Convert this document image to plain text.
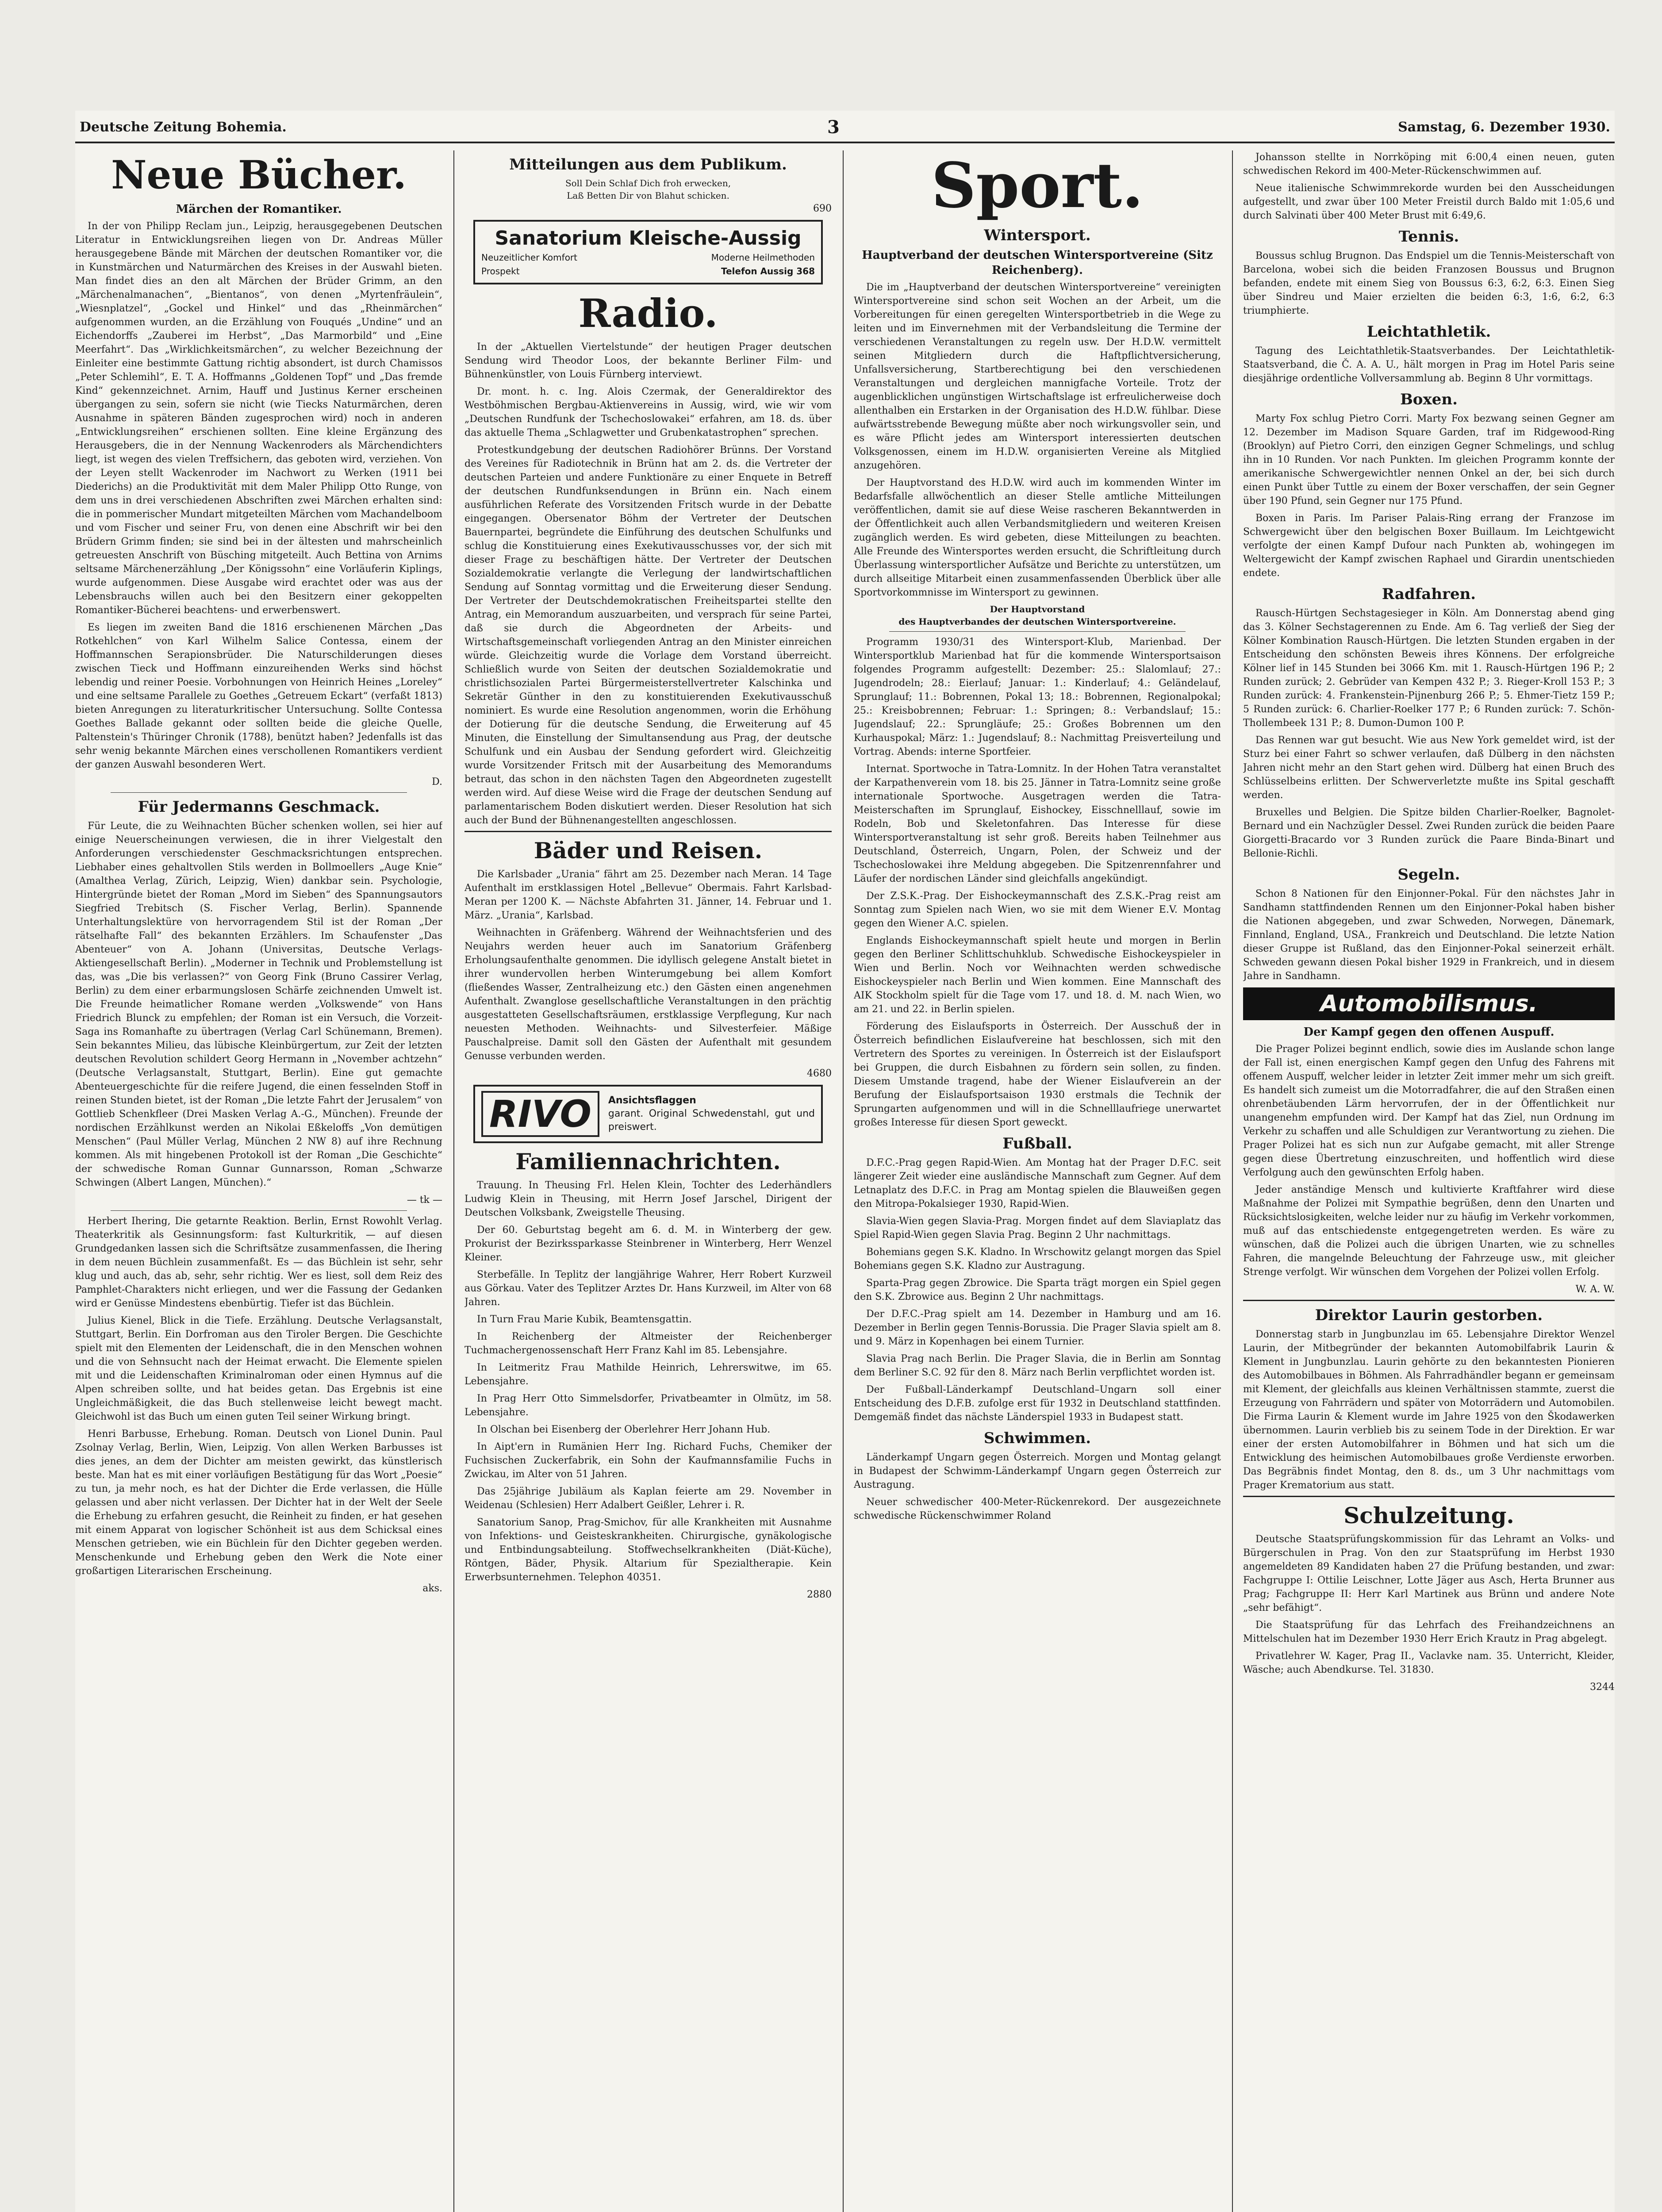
Deutsche Zeitung Bohemia.	3	Samstag, 6. Dezember 1930.
Neue Bücher.
Märchen der Romantiker.

In der von Philipp Reclam jun., Leipzig, herausgegebenen Deutschen Literatur in Entwicklungsreihen liegen von Dr. Andreas Müller herausgegebene Bände mit Märchen der deutschen Romantiker vor, die in Kunstmärchen und Naturmärchen des Kreises in der Auswahl bieten. Man findet dies an den alt Märchen der Brüder Grimm, an den „Märchenalmanachen“, „Bientanos“, von denen „Myrtenfräulein“, „Wiesnplatzel“, „Gockel und Hinkel“ und das „Rheinmärchen“ aufgenommen wurden, an die Erzählung von Fouqués „Undine“ und an Eichendorffs „Zauberei im Herbst“, „Das Marmorbild“ und „Eine Meerfahrt“. Das „Wirklichkeitsmärchen“, zu welcher Bezeichnung der Einleiter eine bestimmte Gattung richtig absondert, ist durch Chamissos „Peter Schlemihl“, E. T. A. Hoffmanns „Goldenen Topf“ und „Das fremde Kind“ gekennzeichnet. Arnim, Hauff und Justinus Kerner erscheinen übergangen zu sein, sofern sie nicht (wie Tiecks Naturmärchen, deren Ausnahme in späteren Bänden zugesprochen wird) noch in anderen „Entwicklungsreihen“ erschienen sollten. Eine kleine Ergänzung des Herausgebers, die in der Nennung Wackenroders als Märchendichters liegt, ist wegen des vielen Treffsichern, das geboten wird, verziehen. Von der Leyen stellt Wackenroder im Nachwort zu Werken (1911 bei Diederichs) an die Produktivität mit dem Maler Philipp Otto Runge, von dem uns in drei verschiedenen Abschriften zwei Märchen erhalten sind: die in pommerischer Mundart mitgeteilten Märchen vom Machandelboom und vom Fischer und seiner Fru, von denen eine Abschrift wir bei den Brüdern Grimm finden; sie sind bei in der ältesten und mahrscheinlich getreuesten Anschrift von Büsching mitgeteilt. Auch Bettina von Arnims seltsame Märchenerzählung „Der Königssohn“ eine Vorläuferin Kiplings, wurde aufgenommen. Diese Ausgabe wird erachtet oder was aus der Lebensbrauchs willen auch bei den Besitzern einer gekoppelten Romantiker-Bücherei beachtens- und erwerbenswert.

Es liegen im zweiten Band die 1816 erschienenen Märchen „Das Rotkehlchen“ von Karl Wilhelm Salice Contessa, einem der Hoffmannschen Serapionsbrüder. Die Naturschilderungen dieses zwischen Tieck und Hoffmann einzureihenden Werks sind höchst lebendig und reiner Poesie. Vorbohnungen von Heinrich Heines „Loreley“ und eine seltsame Parallele zu Goethes „Getreuem Eckart“ (verfaßt 1813) bieten Anregungen zu literaturkritischer Untersuchung. Sollte Contessa Goethes Ballade gekannt oder sollten beide die gleiche Quelle, Paltenstein's Thüringer Chronik (1788), benützt haben? Jedenfalls ist das sehr wenig bekannte Märchen eines verschollenen Romantikers verdient der ganzen Auswahl besonderen Wert.

D.
Für Jedermanns Geschmack.

Für Leute, die zu Weihnachten Bücher schenken wollen, sei hier auf einige Neuerscheinungen verwiesen, die in ihrer Vielgestalt den Anforderungen verschiedenster Geschmacksrichtungen entsprechen. Liebhaber eines gehaltvollen Stils werden in Bollmoellers „Auge Knie“ (Amalthea Verlag, Zürich, Leipzig, Wien) dankbar sein. Psychologie, Hintergründe bietet der Roman „Mord im Sieben“ des Spannungsautors Siegfried Trebitsch (S. Fischer Verlag, Berlin). Spannende Unterhaltungslektüre von hervorragendem Stil ist der Roman „Der rätselhafte Fall“ des bekannten Erzählers. Im Schaufenster „Das Abenteuer“ von A. Johann (Universitas, Deutsche Verlags-Aktiengesellschaft Berlin). „Moderner in Technik und Problemstellung ist das, was „Die bis verlassen?“ von Georg Fink (Bruno Cassirer Verlag, Berlin) zu dem einer erbarmungslosen Schärfe zeichnenden Umwelt ist. Die Freunde heimatlicher Romane werden „Volkswende“ von Hans Friedrich Blunck zu empfehlen; der Roman ist ein Versuch, die Vorzeit-Saga ins Romanhafte zu übertragen (Verlag Carl Schünemann, Bremen). Sein bekanntes Milieu, das lübische Kleinbürgertum, zur Zeit der letzten deutschen Revolution schildert Georg Hermann in „November achtzehn“ (Deutsche Verlagsanstalt, Stuttgart, Berlin). Eine gut gemachte Abenteuergeschichte für die reifere Jugend, die einen fesselnden Stoff in reinen Stunden bietet, ist der Roman „Die letzte Fahrt der Jerusalem“ von Gottlieb Schenkfleer (Drei Masken Verlag A.-G., München). Freunde der nordischen Erzählkunst werden an Nikolai Eßkeloffs „Von demütigen Menschen“ (Paul Müller Verlag, München 2 NW 8) auf ihre Rechnung kommen. Als mit hingebenen Protokoll ist der Roman „Die Geschichte“ der schwedische Roman Gunnar Gunnarsson, Roman „Schwarze Schwingen (Albert Langen, München).“

— tk —

Herbert Ihering, Die getarnte Reaktion. Berlin, Ernst Rowohlt Verlag. Theaterkritik als Gesinnungsform: fast Kulturkritik, — auf diesen Grundgedanken lassen sich die Schriftsätze zusammenfassen, die Ihering in dem neuen Büchlein zusammenfaßt. Es — das Büchlein ist sehr, sehr klug und auch, das ab, sehr, sehr richtig. Wer es liest, soll dem Reiz des Pamphlet-Charakters nicht erliegen, und wer die Fassung der Gedanken wird er Genüsse Mindestens ebenbürtig. Tiefer ist das Büchlein.

Julius Kienel, Blick in die Tiefe. Erzählung. Deutsche Verlagsanstalt, Stuttgart, Berlin. Ein Dorfroman aus den Tiroler Bergen. Die Geschichte spielt mit den Elementen der Leidenschaft, die in den Menschen wohnen und die von Sehnsucht nach der Heimat erwacht. Die Elemente spielen mit und die Leidenschaften Kriminalroman oder einen Hymnus auf die Alpen schreiben sollte, und hat beides getan. Das Ergebnis ist eine Ungleichmäßigkeit, die das Buch stellenweise leicht bewegt macht. Gleichwohl ist das Buch um einen guten Teil seiner Wirkung bringt.

Henri Barbusse, Erhebung. Roman. Deutsch von Lionel Dunin. Paul Zsolnay Verlag, Berlin, Wien, Leipzig. Von allen Werken Barbusses ist dies jenes, an dem der Dichter am meisten gewirkt, das künstlerisch beste. Man hat es mit einer vorläufigen Bestätigung für das Wort „Poesie“ zu tun, ja mehr noch, es hat der Dichter die Erde verlassen, die Hülle gelassen und aber nicht verlassen. Der Dichter hat in der Welt der Seele die Erhebung zu erfahren gesucht, die Reinheit zu finden, er hat gesehen mit einem Apparat von logischer Schönheit ist aus dem Schicksal eines Menschen getrieben, wie ein Büchlein für den Dichter gegeben werden. Menschenkunde und Erhebung geben den Werk die Note einer großartigen Literarischen Erscheinung.

aks.
Mitteilungen aus dem Publikum.
Soll Dein Schlaf Dich froh erwecken,
Laß Betten Dir von Blahut schicken.
690
Sanatorium Kleische-Aussig
Neuzeitlicher Komfort	Moderne Heilmethoden
Prospekt	Telefon Aussig 368
Radio.

In der „Aktuellen Viertelstunde“ der heutigen Prager deutschen Sendung wird Theodor Loos, der bekannte Berliner Film- und Bühnenkünstler, von Louis Fürnberg interviewt.

Dr. mont. h. c. Ing. Alois Czermak, der Generaldirektor des Westböhmischen Bergbau-Aktienvereins in Aussig, wird, wie wir vom „Deutschen Rundfunk der Tschechoslowakei“ erfahren, am 18. ds. über das aktuelle Thema „Schlagwetter und Grubenkatastrophen“ sprechen.

Protestkundgebung der deutschen Radiohörer Brünns. Der Vorstand des Vereines für Radiotechnik in Brünn hat am 2. ds. die Vertreter der deutschen Parteien und andere Funktionäre zu einer Enquete in Betreff der deutschen Rundfunksendungen in Brünn ein. Nach einem ausführlichen Referate des Vorsitzenden Fritsch wurde in der Debatte eingegangen. Obersenator Böhm der Vertreter der Deutschen Bauernpartei, begründete die Einführung des deutschen Schulfunks und schlug die Konstituierung eines Exekutivausschusses vor, der sich mit dieser Frage zu beschäftigen hätte. Der Vertreter der Deutschen Sozialdemokratie verlangte die Verlegung der landwirtschaftlichen Sendung auf Sonntag vormittag und die Erweiterung dieser Sendung. Der Vertreter der Deutschdemokratischen Freiheitspartei stellte den Antrag, ein Memorandum auszuarbeiten, und versprach für seine Partei, daß sie durch die Abgeordneten der Arbeits- und Wirtschaftsgemeinschaft vorliegenden Antrag an den Minister einreichen würde. Gleichzeitig wurde die Vorlage dem Vorstand überreicht. Schließlich wurde von Seiten der deutschen Sozialdemokratie und christlichsozialen Partei Bürgermeisterstellvertreter Kalschinka und Sekretär Günther in den zu konstituierenden Exekutivausschuß nominiert. Es wurde eine Resolution angenommen, worin die Erhöhung der Dotierung für die deutsche Sendung, die Erweiterung auf 45 Minuten, die Einstellung der Simultansendung aus Prag, der deutsche Schulfunk und ein Ausbau der Sendung gefordert wird. Gleichzeitig wurde Vorsitzender Fritsch mit der Ausarbeitung des Memorandums betraut, das schon in den nächsten Tagen den Abgeordneten zugestellt werden wird. Auf diese Weise wird die Frage der deutschen Sendung auf parlamentarischem Boden diskutiert werden. Dieser Resolution hat sich auch der Bund der Bühnenangestellten angeschlossen.

Bäder und Reisen.

Die Karlsbader „Urania“ fährt am 25. Dezember nach Meran. 14 Tage Aufenthalt im erstklassigen Hotel „Bellevue“ Obermais. Fahrt Karlsbad-Meran per 1200 K. — Nächste Abfahrten 31. Jänner, 14. Februar und 1. März. „Urania“, Karlsbad.

Weihnachten in Gräfenberg. Während der Weihnachtsferien und des Neujahrs werden heuer auch im Sanatorium Gräfenberg Erholungsaufenthalte genommen. Die idyllisch gelegene Anstalt bietet in ihrer wundervollen herben Winterumgebung bei allem Komfort (fließendes Wasser, Zentralheizung etc.) den Gästen einen angenehmen Aufenthalt. Zwanglose gesellschaftliche Veranstaltungen in den prächtig ausgestatteten Gesellschaftsräumen, erstklassige Verpflegung, Kur nach neuesten Methoden. Weihnachts- und Silvesterfeier. Mäßige Pauschalpreise. Damit soll den Gästen der Aufenthalt mit gesundem Genusse verbunden werden.

4680
RIVO	Ansichtsflaggen
garant. Original Schwedenstahl, gut und preiswert.
Familiennachrichten.

Trauung. In Theusing Frl. Helen Klein, Tochter des Lederhändlers Ludwig Klein in Theusing, mit Herrn Josef Jarschel, Dirigent der Deutschen Volksbank, Zweigstelle Theusing.

Der 60. Geburtstag begeht am 6. d. M. in Winterberg der gew. Prokurist der Bezirkssparkasse Steinbrener in Winterberg, Herr Wenzel Kleiner.

Sterbefälle. In Teplitz der langjährige Wahrer, Herr Robert Kurzweil aus Görkau. Vater des Teplitzer Arztes Dr. Hans Kurzweil, im Alter von 68 Jahren.

In Turn Frau Marie Kubik, Beamtensgattin.

In Reichenberg der Altmeister der Reichenberger Tuchmachergenossenschaft Herr Franz Kahl im 85. Lebensjahre.

In Leitmeritz Frau Mathilde Heinrich, Lehrerswitwe, im 65. Lebensjahre.

In Prag Herr Otto Simmelsdorfer, Privatbeamter in Olmütz, im 58. Lebensjahre.

In Olschan bei Eisenberg der Oberlehrer Herr Johann Hub.

In Aipt'ern in Rumänien Herr Ing. Richard Fuchs, Chemiker der Fuchsischen Zuckerfabrik, ein Sohn der Kaufmannsfamilie Fuchs in Zwickau, im Alter von 51 Jahren.

Das 25jährige Jubiläum als Kaplan feierte am 29. November in Weidenau (Schlesien) Herr Adalbert Geißler, Lehrer i. R.

Sanatorium Sanop, Prag-Smichov, für alle Krankheiten mit Ausnahme von Infektions- und Geisteskrankheiten. Chirurgische, gynäkologische und Entbindungsabteilung. Stoffwechselkrankheiten (Diät-Küche), Röntgen, Bäder, Physik. Altarium für Spezialtherapie. Kein Erwerbsunternehmen. Telephon 40351.

2880
Sport.
Wintersport.
Hauptverband der deutschen Wintersportvereine (Sitz Reichenberg).

Die im „Hauptverband der deutschen Wintersportvereine“ vereinigten Wintersportvereine sind schon seit Wochen an der Arbeit, um die Vorbereitungen für einen geregelten Wintersportbetrieb in die Wege zu leiten und im Einvernehmen mit der Verbandsleitung die Termine der verschiedenen Veranstaltungen zu regeln usw. Der H.D.W. vermittelt seinen Mitgliedern durch die Haftpflichtversicherung, Unfallsversicherung, Startberechtigung bei den verschiedenen Veranstaltungen und dergleichen mannigfache Vorteile. Trotz der augenblicklichen ungünstigen Wirtschaftslage ist erfreulicherweise doch allenthalben ein Erstarken in der Organisation des H.D.W. fühlbar. Diese aufwärtsstrebende Bewegung müßte aber noch wirkungsvoller sein, und es wäre Pflicht jedes am Wintersport interessierten deutschen Volksgenossen, einem im H.D.W. organisierten Vereine als Mitglied anzugehören.

Der Hauptvorstand des H.D.W. wird auch im kommenden Winter im Bedarfsfalle allwöchentlich an dieser Stelle amtliche Mitteilungen veröffentlichen, damit sie auf diese Weise rascheren Bekanntwerden in der Öffentlichkeit auch allen Verbandsmitgliedern und weiteren Kreisen zugänglich werden. Es wird gebeten, diese Mitteilungen zu beachten. Alle Freunde des Wintersportes werden ersucht, die Schriftleitung durch Überlassung wintersportlicher Aufsätze und Berichte zu unterstützen, um durch allseitige Mitarbeit einen zusammenfassenden Überblick über alle Sportvorkommnisse im Wintersport zu gewinnen.

Der Hauptvorstand
des Hauptverbandes der deutschen Wintersportvereine.

Programm 1930/31 des Wintersport-Klub, Marienbad. Der Wintersportklub Marienbad hat für die kommende Wintersportsaison folgendes Programm aufgestellt: Dezember: 25.: Slalomlauf; 27.: Jugendrodeln; 28.: Eierlauf; Januar: 1.: Kinderlauf; 4.: Geländelauf, Sprunglauf; 11.: Bobrennen, Pokal 13; 18.: Bobrennen, Regionalpokal; 25.: Kreisbobrennen; Februar: 1.: Springen; 8.: Verbandslauf; 15.: Jugendslauf; 22.: Sprungläufe; 25.: Großes Bobrennen um den Kurhauspokal; März: 1.: Jugendslauf; 8.: Nachmittag Preisverteilung und Vortrag. Abends: interne Sportfeier.

Internat. Sportwoche in Tatra-Lomnitz. In der Hohen Tatra veranstaltet der Karpathenverein vom 18. bis 25. Jänner in Tatra-Lomnitz seine große internationale Sportwoche. Ausgetragen werden die Tatra-Meisterschaften im Sprunglauf, Eishockey, Eisschnelllauf, sowie im Rodeln, Bob und Skeletonfahren. Das Interesse für diese Wintersportveranstaltung ist sehr groß. Bereits haben Teilnehmer aus Deutschland, Österreich, Ungarn, Polen, der Schweiz und der Tschechoslowakei ihre Meldung abgegeben. Die Spitzenrennfahrer und Läufer der nordischen Länder sind gleichfalls angekündigt.

Der Z.S.K.-Prag. Der Eishockeymannschaft des Z.S.K.-Prag reist am Sonntag zum Spielen nach Wien, wo sie mit dem Wiener E.V. Montag gegen den Wiener A.C. spielen.

Englands Eishockeymannschaft spielt heute und morgen in Berlin gegen den Berliner Schlittschuhklub. Schwedische Eishockeyspieler in Wien und Berlin. Noch vor Weihnachten werden schwedische Eishockeyspieler nach Berlin und Wien kommen. Eine Mannschaft des AIK Stockholm spielt für die Tage vom 17. und 18. d. M. nach Wien, wo am 21. und 22. in Berlin spielen.

Förderung des Eislaufsports in Österreich. Der Ausschuß der in Österreich befindlichen Eislaufvereine hat beschlossen, sich mit den Vertretern des Sportes zu vereinigen. In Österreich ist der Eislaufsport bei Gruppen, die durch Eisbahnen zu fördern sein sollen, zu finden. Diesem Umstande tragend, habe der Wiener Eislaufverein an der Berufung der Eislaufsportsaison 1930 erstmals die Technik der Sprungarten aufgenommen und will in die Schnelllaufriege unerwartet großes Interesse für diesen Sport geweckt.

Fußball.

D.F.C.-Prag gegen Rapid-Wien. Am Montag hat der Prager D.F.C. seit längerer Zeit wieder eine ausländische Mannschaft zum Gegner. Auf dem Letnaplatz des D.F.C. in Prag am Montag spielen die Blauweißen gegen den Mitropa-Pokalsieger 1930, Rapid-Wien.

Slavia-Wien gegen Slavia-Prag. Morgen findet auf dem Slaviaplatz das Spiel Rapid-Wien gegen Slavia Prag. Beginn 2 Uhr nachmittags.

Bohemians gegen S.K. Kladno. In Wrschowitz gelangt morgen das Spiel Bohemians gegen S.K. Kladno zur Austragung.

Sparta-Prag gegen Zbrowice. Die Sparta trägt morgen ein Spiel gegen den S.K. Zbrowice aus. Beginn 2 Uhr nachmittags.

Der D.F.C.-Prag spielt am 14. Dezember in Hamburg und am 16. Dezember in Berlin gegen Tennis-Borussia. Die Prager Slavia spielt am 8. und 9. März in Kopenhagen bei einem Turnier.

Slavia Prag nach Berlin. Die Prager Slavia, die in Berlin am Sonntag dem Berliner S.C. 92 für den 8. März nach Berlin verpflichtet worden ist.

Der Fußball-Länderkampf Deutschland–Ungarn soll einer Entscheidung des D.F.B. zufolge erst für 1932 in Deutschland stattfinden. Demgemäß findet das nächste Länderspiel 1933 in Budapest statt.

Schwimmen.

Länderkampf Ungarn gegen Österreich. Morgen und Montag gelangt in Budapest der Schwimm-Länderkampf Ungarn gegen Österreich zur Austragung.

Neuer schwedischer 400-Meter-Rückenrekord. Der ausgezeichnete schwedische Rückenschwimmer Roland

Johansson stellte in Norrköping mit 6:00,4 einen neuen, guten schwedischen Rekord im 400-Meter-Rückenschwimmen auf.

Neue italienische Schwimmrekorde wurden bei den Ausscheidungen aufgestellt, und zwar über 100 Meter Freistil durch Baldo mit 1:05,6 und durch Salvinati über 400 Meter Brust mit 6:49,6.

Tennis.

Boussus schlug Brugnon. Das Endspiel um die Tennis-Meisterschaft von Barcelona, wobei sich die beiden Franzosen Boussus und Brugnon befanden, endete mit einem Sieg von Boussus 6:3, 6:2, 6:3. Einen Sieg über Sindreu und Maier erzielten die beiden 6:3, 1:6, 6:2, 6:3 triumphierte.

Leichtathletik.

Tagung des Leichtathletik-Staatsverbandes. Der Leichtathletik-Staatsverband, die Č. A. A. U., hält morgen in Prag im Hotel Paris seine diesjährige ordentliche Vollversammlung ab. Beginn 8 Uhr vormittags.

Boxen.

Marty Fox schlug Pietro Corri. Marty Fox bezwang seinen Gegner am 12. Dezember im Madison Square Garden, traf im Ridgewood-Ring (Brooklyn) auf Pietro Corri, den einzigen Gegner Schmelings, und schlug ihn in 10 Runden. Vor nach Punkten. Im gleichen Programm konnte der amerikanische Schwergewichtler nennen Onkel an der, bei sich durch einen Punkt über Tuttle zu einem der Boxer verschaffen, der sein Gegner über 190 Pfund, sein Gegner nur 175 Pfund.

Boxen in Paris. Im Pariser Palais-Ring errang der Franzose im Schwergewicht über den belgischen Boxer Buillaum. Im Leichtgewicht verfolgte der einen Kampf Dufour nach Punkten ab, wohingegen im Weltergewicht der Kampf zwischen Raphael und Girardin unentschieden endete.

Radfahren.

Rausch-Hürtgen Sechstagesieger in Köln. Am Donnerstag abend ging das 3. Kölner Sechstagerennen zu Ende. Am 6. Tag verließ der Sieg der Kölner Kombination Rausch-Hürtgen. Die letzten Stunden ergaben in der Entscheidung den schönsten Beweis ihres Könnens. Der erfolgreiche Kölner lief in 145 Stunden bei 3066 Km. mit 1. Rausch-Hürtgen 196 P.; 2 Runden zurück; 2. Gebrüder van Kempen 432 P.; 3. Rieger-Kroll 153 P.; 3 Runden zurück: 4. Frankenstein-Pijnenburg 266 P.; 5. Ehmer-Tietz 159 P.; 5 Runden zurück: 6. Charlier-Roelker 177 P.; 6 Runden zurück: 7. Schön-Thollembeek 131 P.; 8. Dumon-Dumon 100 P.

Das Rennen war gut besucht. Wie aus New York gemeldet wird, ist der Sturz bei einer Fahrt so schwer verlaufen, daß Dülberg in den nächsten Jahren nicht mehr an den Start gehen wird. Dülberg hat einen Bruch des Schlüsselbeins erlitten. Der Schwerverletzte mußte ins Spital geschafft werden.

Bruxelles und Belgien. Die Spitze bilden Charlier-Roelker, Bagnolet-Bernard und ein Nachzügler Dessel. Zwei Runden zurück die beiden Paare Giorgetti-Bracardo vor 3 Runden zurück die Paare Binda-Binart und Bellonie-Richli.

Segeln.

Schon 8 Nationen für den Einjonner-Pokal. Für den nächstes Jahr in Sandhamn stattfindenden Rennen um den Einjonner-Pokal haben bisher die Nationen abgegeben, und zwar Schweden, Norwegen, Dänemark, Finnland, England, USA., Frankreich und Deutschland. Die letzte Nation dieser Gruppe ist Rußland, das den Einjonner-Pokal seinerzeit erhält. Schweden gewann diesen Pokal bisher 1929 in Frankreich, und in diesem Jahre in Sandhamn.

Automobilismus.
Der Kampf gegen den offenen Auspuff.

Die Prager Polizei beginnt endlich, sowie dies im Auslande schon lange der Fall ist, einen energischen Kampf gegen den Unfug des Fahrens mit offenem Auspuff, welcher leider in letzter Zeit immer mehr um sich greift. Es handelt sich zumeist um die Motorradfahrer, die auf den Straßen einen ohrenbetäubenden Lärm hervorrufen, der in der Öffentlichkeit nur unangenehm empfunden wird. Der Kampf hat das Ziel, nun Ordnung im Verkehr zu schaffen und alle Schuldigen zur Verantwortung zu ziehen. Die Prager Polizei hat es sich nun zur Aufgabe gemacht, mit aller Strenge gegen diese Übertretung einzuschreiten, und hoffentlich wird diese Verfolgung auch den gewünschten Erfolg haben.

Jeder anständige Mensch und kultivierte Kraftfahrer wird diese Maßnahme der Polizei mit Sympathie begrüßen, denn den Unarten und Rücksichtslosigkeiten, welche leider nur zu häufig im Verkehr vorkommen, muß auf das entschiedenste entgegengetreten werden. Es wäre zu wünschen, daß die Polizei auch die übrigen Unarten, wie zu schnelles Fahren, die mangelnde Beleuchtung der Fahrzeuge usw., mit gleicher Strenge verfolgt. Wir wünschen dem Vorgehen der Polizei vollen Erfolg.

W. A. W.
Direktor Laurin gestorben.

Donnerstag starb in Jungbunzlau im 65. Lebensjahre Direktor Wenzel Laurin, der Mitbegründer der bekannten Automobilfabrik Laurin & Klement in Jungbunzlau. Laurin gehörte zu den bekanntesten Pionieren des Automobilbaues in Böhmen. Als Fahrradhändler begann er gemeinsam mit Klement, der gleichfalls aus kleinen Verhältnissen stammte, zuerst die Erzeugung von Fahrrädern und später von Motorrädern und Automobilen. Die Firma Laurin & Klement wurde im Jahre 1925 von den Škodawerken übernommen. Laurin verblieb bis zu seinem Tode in der Direktion. Er war einer der ersten Automobilfahrer in Böhmen und hat sich um die Entwicklung des heimischen Automobilbaues große Verdienste erworben. Das Begräbnis findet Montag, den 8. ds., um 3 Uhr nachmittags vom Prager Krematorium aus statt.

Schulzeitung.

Deutsche Staatsprüfungskommission für das Lehramt an Volks- und Bürgerschulen in Prag. Von den zur Staatsprüfung im Herbst 1930 angemeldeten 89 Kandidaten haben 27 die Prüfung bestanden, und zwar: Fachgruppe I: Ottilie Leischner, Lotte Jäger aus Asch, Herta Brunner aus Prag; Fachgruppe II: Herr Karl Martinek aus Brünn und andere Note „sehr befähigt“.

Die Staatsprüfung für das Lehrfach des Freihandzeichnens an Mittelschulen hat im Dezember 1930 Herr Erich Krautz in Prag abgelegt.

Privatlehrer W. Kager, Prag II., Vaclavke nam. 35. Unterricht, Kleider, Wäsche; auch Abendkurse. Tel. 31830.

3244
